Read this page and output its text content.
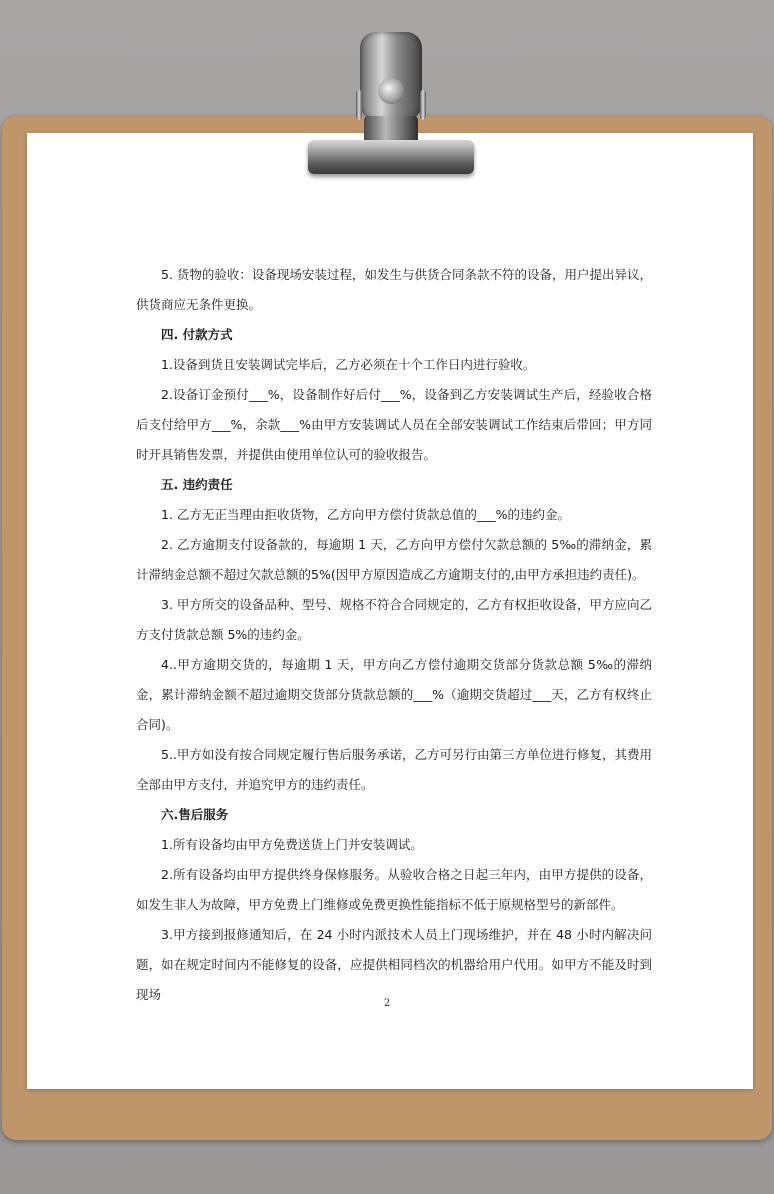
5. 货物的验收：设备现场安装过程，如发生与供货合同条款不符的设备，用户提出异议，供货商应无条件更换。

四. 付款方式

1.设备到货且安装调试完毕后，乙方必须在十个工作日内进行验收。

2.设备订金预付___%，设备制作好后付___%，设备到乙方安装调试生产后，经验收合格后支付给甲方___%，余款___%由甲方安装调试人员在全部安装调试工作结束后带回；甲方同时开具销售发票，并提供由使用单位认可的验收报告。

五. 违约责任

1. 乙方无正当理由拒收货物，乙方向甲方偿付货款总值的___%的违约金。

2. 乙方逾期支付设备款的，每逾期 1 天，乙方向甲方偿付欠款总额的 5‰的滞纳金，累计滞纳金总额不超过欠款总额的5%(因甲方原因造成乙方逾期支付的,由甲方承担违约责任)。

3. 甲方所交的设备品种、型号、规格不符合合同规定的，乙方有权拒收设备，甲方应向乙方支付货款总额 5%的违约金。

4..甲方逾期交货的，每逾期 1 天，甲方向乙方偿付逾期交货部分货款总额 5‰的滞纳金，累计滞纳金额不超过逾期交货部分货款总额的___%（逾期交货超过___天，乙方有权终止合同)。

5..甲方如没有按合同规定履行售后服务承诺，乙方可另行由第三方单位进行修复，其费用全部由甲方支付，并追究甲方的违约责任。

六.售后服务

1.所有设备均由甲方免费送货上门并安装调试。

2.所有设备均由甲方提供终身保修服务。从验收合格之日起三年内，由甲方提供的设备，如发生非人为故障，甲方免费上门维修或免费更换性能指标不低于原规格型号的新部件。

3.甲方接到报修通知后，在 24 小时内派技术人员上门现场维护，并在 48 小时内解决问题，如在规定时间内不能修复的设备，应提供相同档次的机器给用户代用。如甲方不能及时到现场

2
